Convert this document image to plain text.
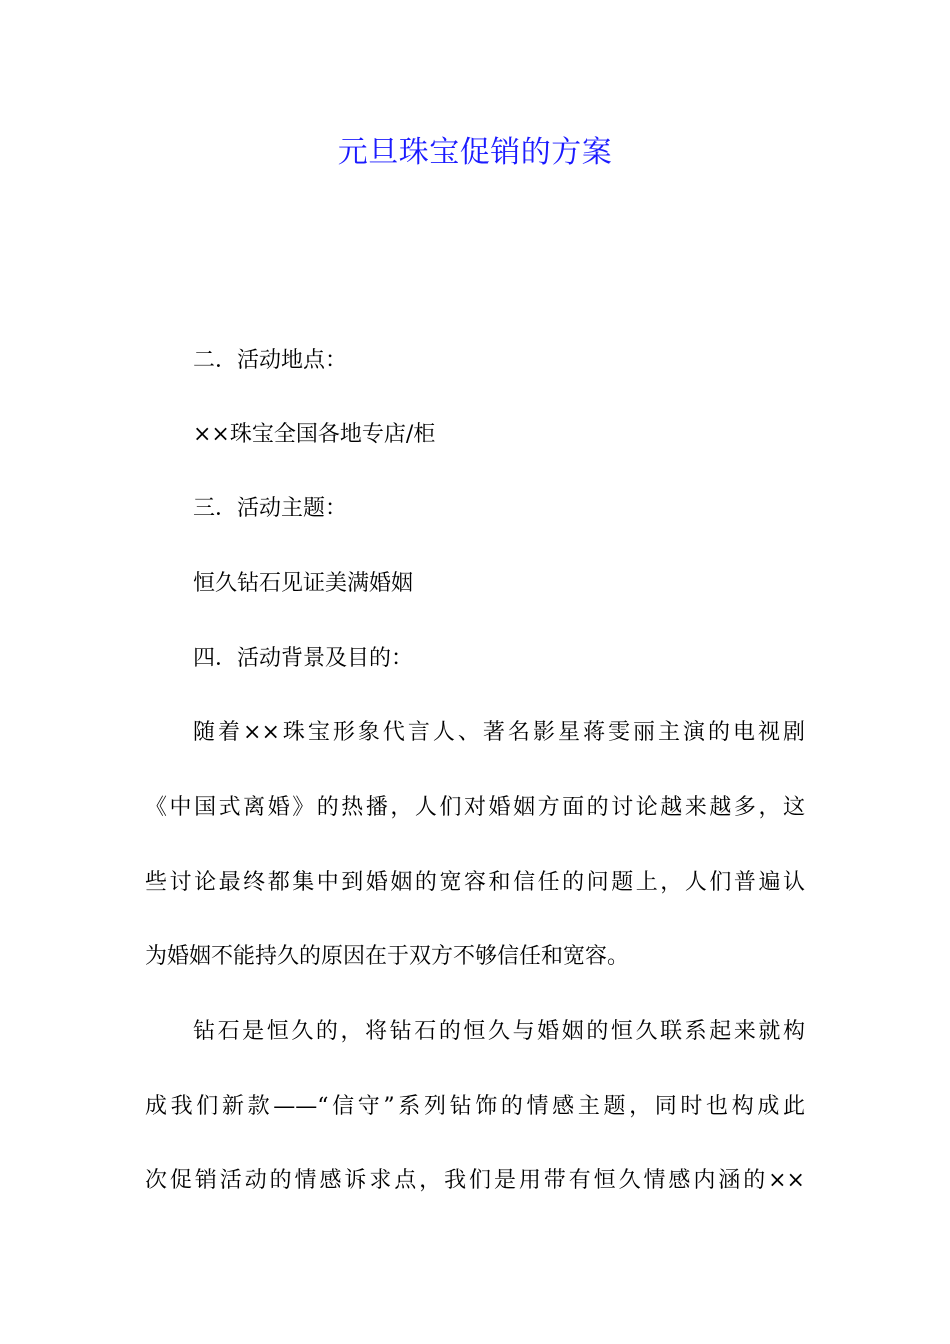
元旦珠宝促销的方案
二．活动地点：
××珠宝全国各地专店/柜
三．活动主题：
恒久钻石见证美满婚姻
四．活动背景及目的：
随着××珠宝形象代言人、著名影星蒋雯丽主演的电视剧
《中国式离婚》的热播，人们对婚姻方面的讨论越来越多，这
些讨论最终都集中到婚姻的宽容和信任的问题上，人们普遍认
为婚姻不能持久的原因在于双方不够信任和宽容。
钻石是恒久的，将钻石的恒久与婚姻的恒久联系起来就构
成我们新款——“信守”系列钻饰的情感主题，同时也构成此
次促销活动的情感诉求点，我们是用带有恒久情感内涵的××
